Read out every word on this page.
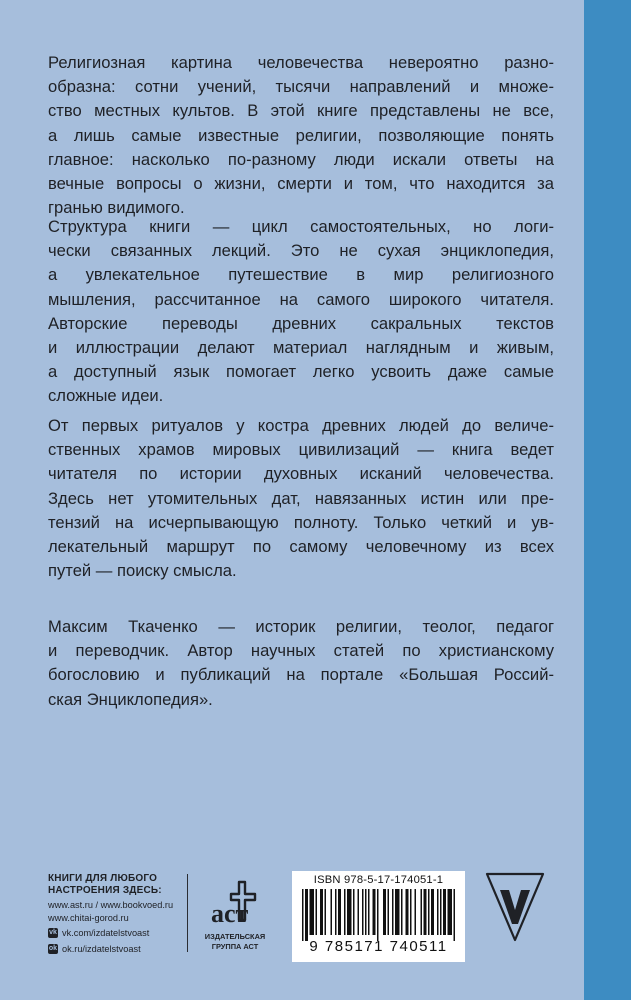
Религиозная картина человечества невероятно разно-
образна: сотни учений, тысячи направлений и множе-
ство местных культов. В этой книге представлены не все,
а лишь самые известные религии, позволяющие понять
главное: насколько по-разному люди искали ответы на
вечные вопросы о жизни, смерти и том, что находится за
гранью видимого.
Структура книги — цикл самостоятельных, но логи-
чески связанных лекций. Это не сухая энциклопедия,
а увлекательное путешествие в мир религиозного
мышления, рассчитанное на самого широкого читателя.
Авторские переводы древних сакральных текстов
и иллюстрации делают материал наглядным и живым,
а доступный язык помогает легко усвоить даже самые
сложные идеи.
От первых ритуалов у костра древних людей до величе-
ственных храмов мировых цивилизаций — книга ведет
читателя по истории духовных исканий человечества.
Здесь нет утомительных дат, навязанных истин или пре-
тензий на исчерпывающую полноту. Только четкий и ув-
лекательный маршрут по самому человечному из всех
путей — поиску смысла.
Максим Ткаченко — историк религии, теолог, педагог
и переводчик. Автор научных статей по христианскому
богословию и публикаций на портале «Большая Россий-
ская Энциклопедия».
КНИГИ ДЛЯ ЛЮБОГО
НАСТРОЕНИЯ ЗДЕСЬ:
www.ast.ru / www.bookvoed.ru
www.chitai-gorod.ru
vk vk.com/izdatelstvoast
ok ok.ru/izdatelstvoast
аст
ИЗДАТЕЛЬСКАЯ
ГРУППА АСТ
ISBN 978-5-17-174051-1
9 785171 740511
